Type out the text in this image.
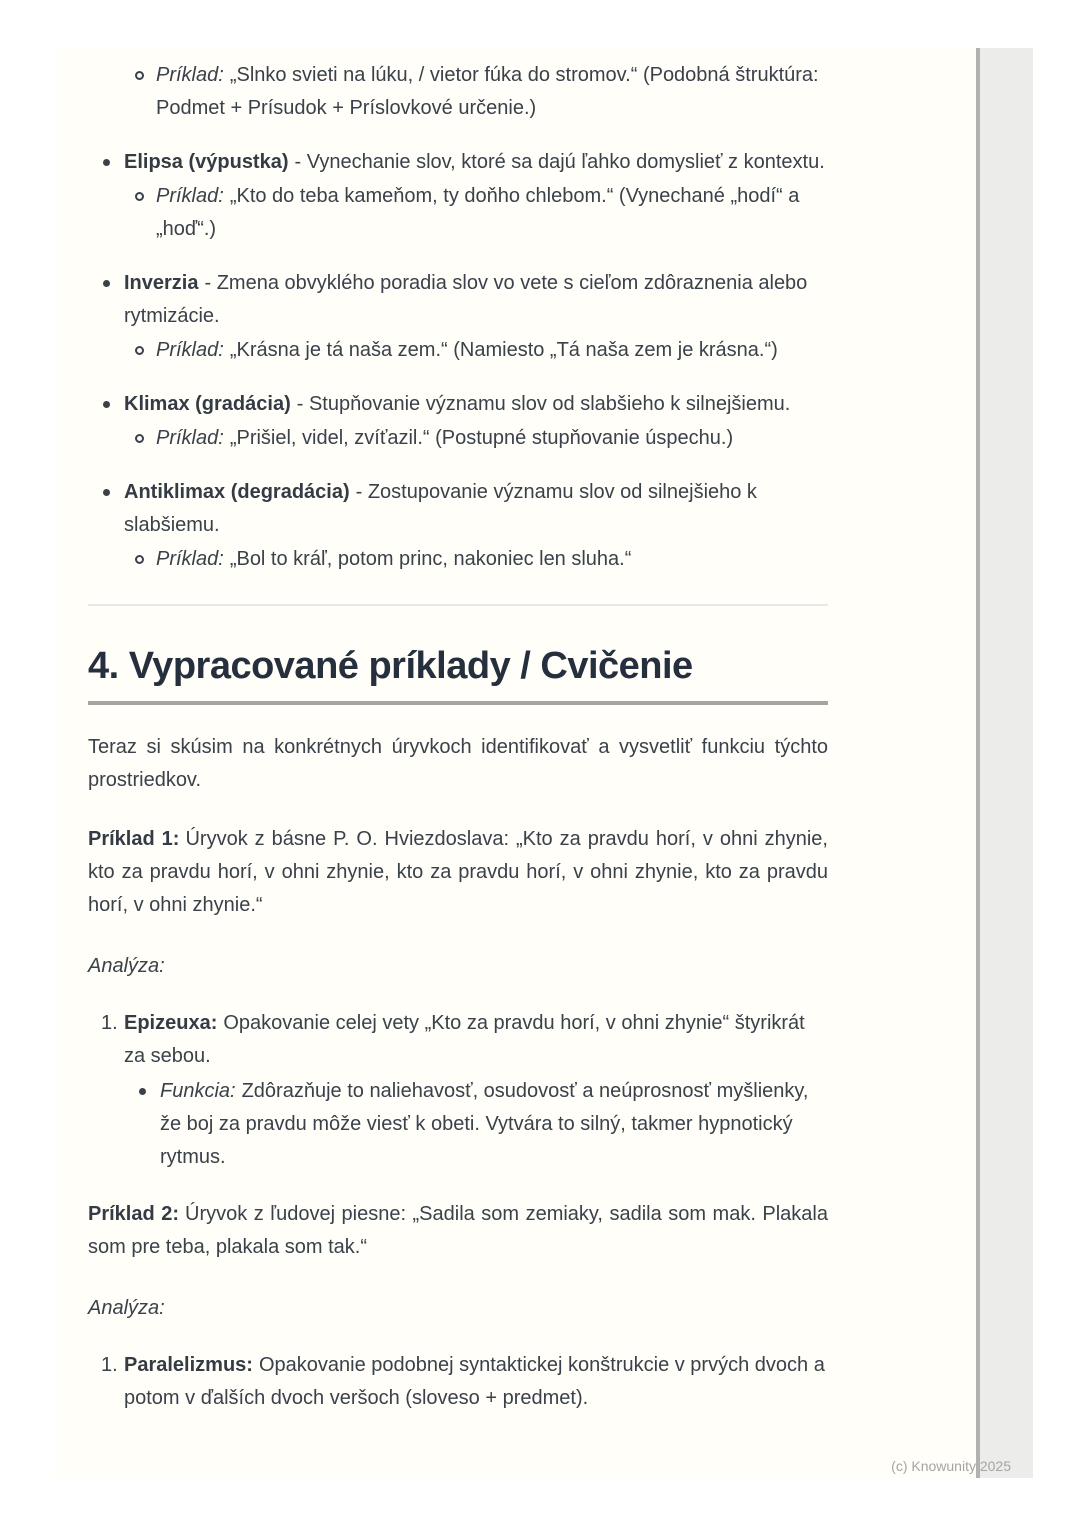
Príklad: „Slnko svieti na lúku, / vietor fúka do stromov.“ (Podobná štruktúra: Podmet + Prísudok + Príslovkové určenie.)
Elipsa (výpustka) - Vynechanie slov, ktoré sa dajú ľahko domyslieť z kontextu.
Príklad: „Kto do teba kameňom, ty doňho chlebom.“ (Vynechané „hodí“ a „hoď“.)
Inverzia - Zmena obvyklého poradia slov vo vete s cieľom zdôraznenia alebo rytmizácie.
Príklad: „Krásna je tá naša zem.“ (Namiesto „Tá naša zem je krásna.“)
Klimax (gradácia) - Stupňovanie významu slov od slabšieho k silnejšiemu.
Príklad: „Prišiel, videl, zvíťazil.“ (Postupné stupňovanie úspechu.)
Antiklimax (degradácia) - Zostupovanie významu slov od silnejšieho k slabšiemu.
Príklad: „Bol to kráľ, potom princ, nakoniec len sluha.“
4. Vypracované príklady / Cvičenie

Teraz si skúsim na konkrétnych úryvkoch identifikovať a vysvetliť funkciu týchto prostriedkov.

Príklad 1: Úryvok z básne P. O. Hviezdoslava: „Kto za pravdu horí, v ohni zhynie, kto za pravdu horí, v ohni zhynie, kto za pravdu horí, v ohni zhynie, kto za pravdu horí, v ohni zhynie.“

Analýza:

1. Epizeuxa: Opakovanie celej vety „Kto za pravdu horí, v ohni zhynie“ štyrikrát za sebou.
Funkcia: Zdôrazňuje to naliehavosť, osudovosť a neúprosnosť myšlienky, že boj za pravdu môže viesť k obeti. Vytvára to silný, takmer hypnotický rytmus.

Príklad 2: Úryvok z ľudovej piesne: „Sadila som zemiaky, sadila som mak. Plakala som pre teba, plakala som tak.“

Analýza:

1. Paralelizmus: Opakovanie podobnej syntaktickej konštrukcie v prvých dvoch a potom v ďalších dvoch veršoch (sloveso + predmet).
(c) Knowunity 2025
